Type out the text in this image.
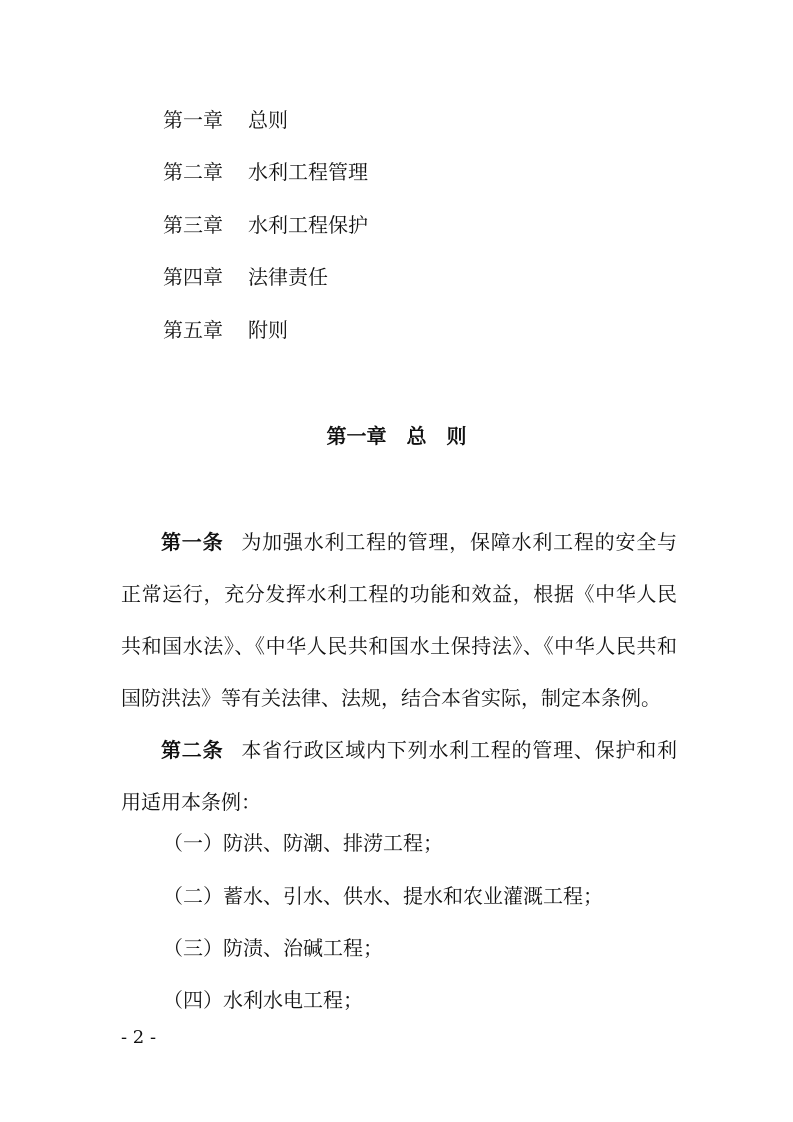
第一章 总则
第二章 水利工程管理
第三章 水利工程保护
第四章 法律责任
第五章 附则
第一章　总　则

第一条 为加强水利工程的管理，保障水利工程的安全与正常运行，充分发挥水利工程的功能和效益，根据《中华人民共和国水法》、《中华人民共和国水土保持法》、《中华人民共和国防洪法》等有关法律、法规，结合本省实际，制定本条例。

第二条 本省行政区域内下列水利工程的管理、保护和利用适用本条例：

（一）防洪、防潮、排涝工程；
（二）蓄水、引水、供水、提水和农业灌溉工程；
（三）防渍、治碱工程；
（四）水利水电工程；
- 2 -
